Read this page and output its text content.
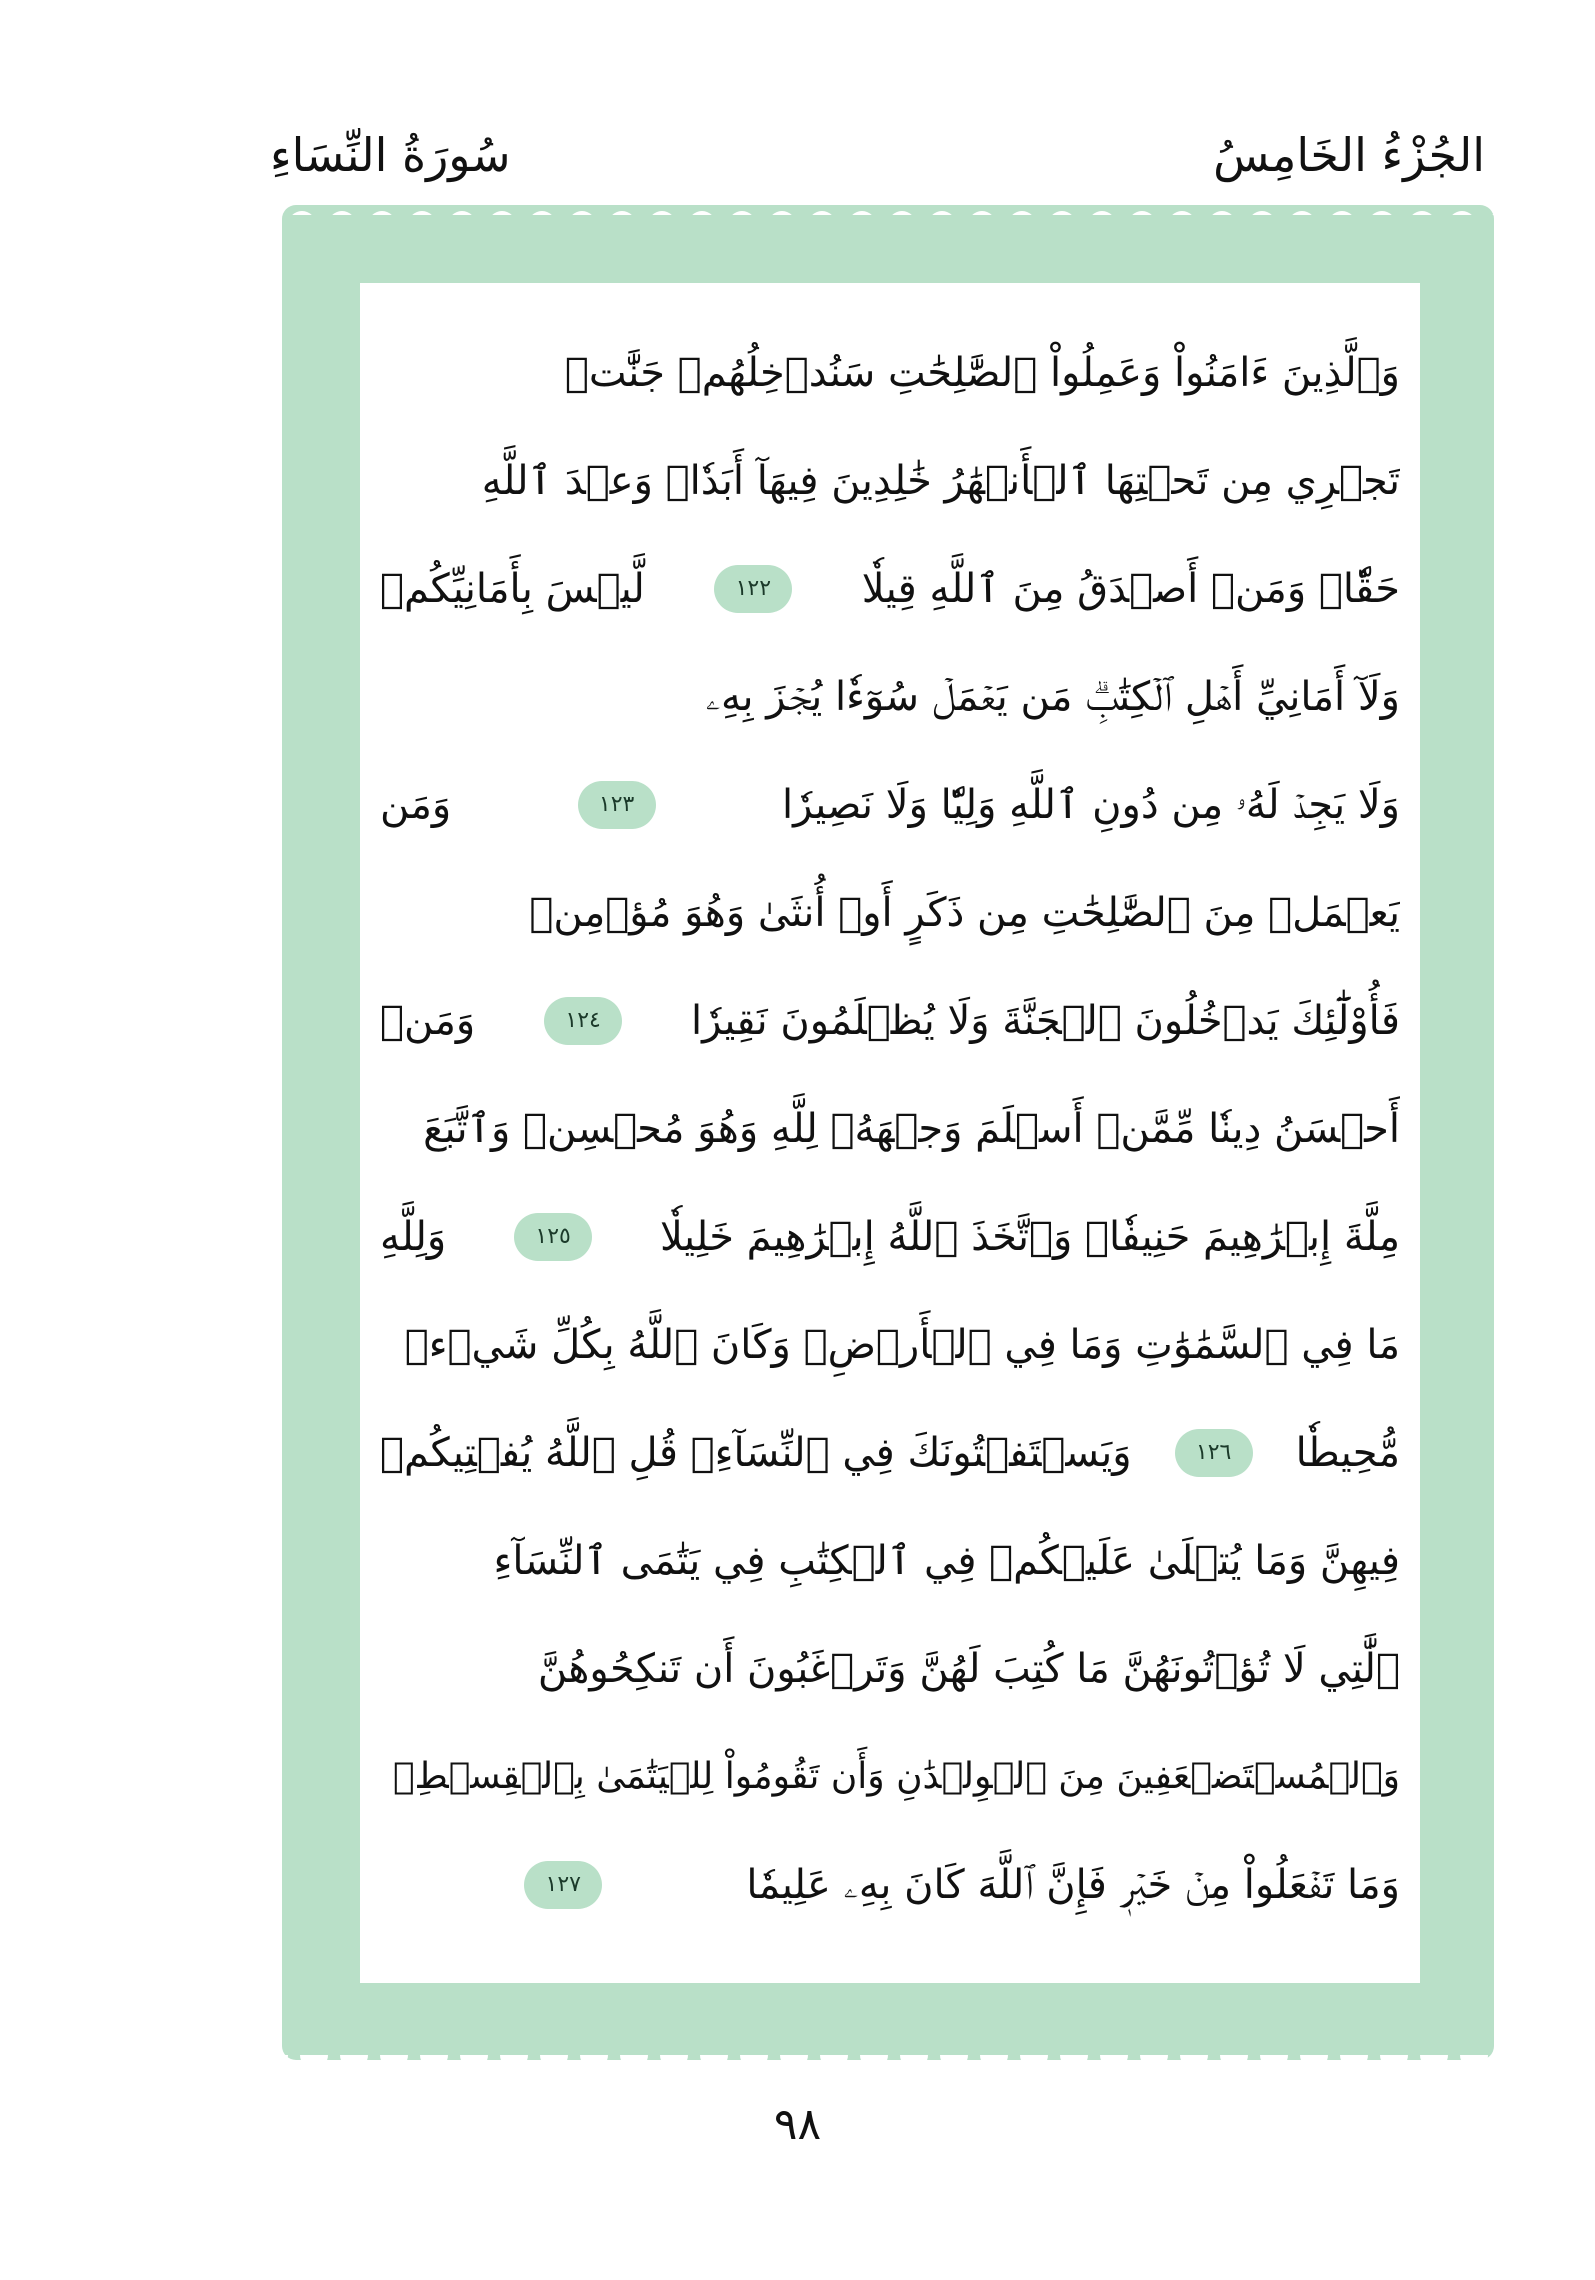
الجُزْءُ الخَامِسُ
سُورَةُ النِّسَاءِ
وَٱلَّذِينَ ءَامَنُواْ وَعَمِلُواْ ٱلصَّٰلِحَٰتِ سَنُدۡخِلُهُمۡ جَنَّٰتٖ
تَجۡرِي مِن تَحۡتِهَا ٱلۡأَنۡهَٰرُ خَٰلِدِينَ فِيهَآ أَبَدٗاۖ وَعۡدَ ٱللَّهِ
حَقّٗاۚ وَمَنۡ أَصۡدَقُ مِنَ ٱللَّهِ قِيلٗا
١٢٢
لَّيۡسَ بِأَمَانِيِّكُمۡ
وَلَآ أَمَانِيِّ أَهۡلِ ٱلۡكِتَٰبِۗ مَن يَعۡمَلۡ سُوٓءٗا يُجۡزَ بِهِۦ
وَلَا يَجِدۡ لَهُۥ مِن دُونِ ٱللَّهِ وَلِيّٗا وَلَا نَصِيرٗا
١٢٣
وَمَن
يَعۡمَلۡ مِنَ ٱلصَّٰلِحَٰتِ مِن ذَكَرٍ أَوۡ أُنثَىٰ وَهُوَ مُؤۡمِنٞ
فَأُوْلَٰٓئِكَ يَدۡخُلُونَ ٱلۡجَنَّةَ وَلَا يُظۡلَمُونَ نَقِيرٗا
١٢٤
وَمَنۡ
أَحۡسَنُ دِينٗا مِّمَّنۡ أَسۡلَمَ وَجۡهَهُۥ لِلَّهِ وَهُوَ مُحۡسِنٞ وَٱتَّبَعَ
مِلَّةَ إِبۡرَٰهِيمَ حَنِيفٗاۗ وَٱتَّخَذَ ٱللَّهُ إِبۡرَٰهِيمَ خَلِيلٗا
١٢٥
وَلِلَّهِ
مَا فِي ٱلسَّمَٰوَٰتِ وَمَا فِي ٱلۡأَرۡضِۚ وَكَانَ ٱللَّهُ بِكُلِّ شَيۡءٖ
مُّحِيطٗا
١٢٦
وَيَسۡتَفۡتُونَكَ فِي ٱلنِّسَآءِۖ قُلِ ٱللَّهُ يُفۡتِيكُمۡ
فِيهِنَّ وَمَا يُتۡلَىٰ عَلَيۡكُمۡ فِي ٱلۡكِتَٰبِ فِي يَتَٰمَى ٱلنِّسَآءِ
ٱلَّٰتِي لَا تُؤۡتُونَهُنَّ مَا كُتِبَ لَهُنَّ وَتَرۡغَبُونَ أَن تَنكِحُوهُنَّ
وَٱلۡمُسۡتَضۡعَفِينَ مِنَ ٱلۡوِلۡدَٰنِ وَأَن تَقُومُواْ لِلۡيَتَٰمَىٰ بِٱلۡقِسۡطِۚ
وَمَا تَفۡعَلُواْ مِنۡ خَيۡرٖ فَإِنَّ ٱللَّهَ كَانَ بِهِۦ عَلِيمٗا
١٢٧
٩٨
